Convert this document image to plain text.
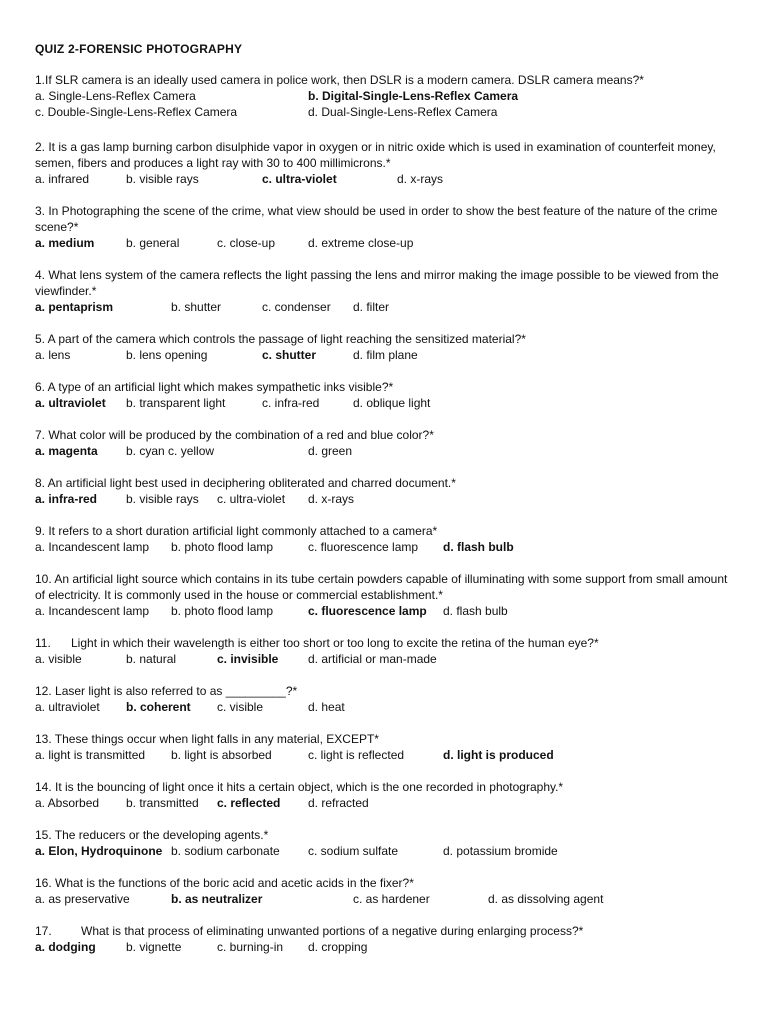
QUIZ 2-FORENSIC PHOTOGRAPHY
1.If SLR camera is an ideally used camera in police work, then DSLR is a modern camera. DSLR camera means?*
a. Single-Lens-Reflex Camera	b. Digital-Single-Lens-Reflex Camera
c. Double-Single-Lens-Reflex Camera	d. Dual-Single-Lens-Reflex Camera
2. It is a gas lamp burning carbon disulphide vapor in oxygen or in nitric oxide which is used in examination of counterfeit money, semen, fibers and produces a light ray with 30 to 400 millimicrons.*
a. infrared	b. visible rays	c. ultra-violet	d. x-rays
3. In Photographing the scene of the crime, what view should be used in order to show the best feature of the nature of the crime scene?*
a. medium	b. general	c. close-up	d. extreme close-up
4. What lens system of the camera reflects the light passing the lens and mirror making the image possible to be viewed from the viewfinder.*
a. pentaprism	b. shutter	c. condenser d. filter
5. A part of the camera which controls the passage of light reaching the sensitized material?*
a. lens	b. lens opening	c. shutter	d. film plane
6. A type of an artificial light which makes sympathetic inks visible?*
a. ultraviolet b. transparent light	c. infra-red	d. oblique light
7. What color will be produced by the combination of a red and blue color?*
a. magenta b. cyan c. yellow	d. green
8. An artificial light best used in deciphering obliterated and charred document.*
a. infra-red b. visible rays c. ultra-violet d. x-rays
9. It refers to a short duration artificial light commonly attached to a camera*
a. Incandescent lamp b. photo flood lamp	c. fluorescence lamp d. flash bulb
10. An artificial light source which contains in its tube certain powders capable of illuminating with some support from small amount of electricity. It is commonly used in the house or commercial establishment.*
a. Incandescent lamp b. photo flood lamp	c. fluorescence lamp d. flash bulb
11. Light in which their wavelength is either too short or too long to excite the retina of the human eye?*
a. visible	b. natural	c. invisible d. artificial or man-made
12. Laser light is also referred to as _________?*
a. ultraviolet b. coherent c. visible	d. heat
13. These things occur when light falls in any material, EXCEPT*
a. light is transmitted b. light is absorbed	c. light is reflected	d. light is produced
14. It is the bouncing of light once it hits a certain object, which is the one recorded in photography.*
a. Absorbed b. transmitted c. reflected d. refracted
15. The reducers or the developing agents.*
a. Elon, Hydroquinone b. sodium carbonate c. sodium sulfate	d. potassium bromide
16. What is the functions of the boric acid and acetic acids in the fixer?*
a. as preservative	b. as neutralizer	c. as hardener	d. as dissolving agent
17. What is that process of eliminating unwanted portions of a negative during enlarging process?*
a. dodging	b. vignette	c. burning-in d. cropping
